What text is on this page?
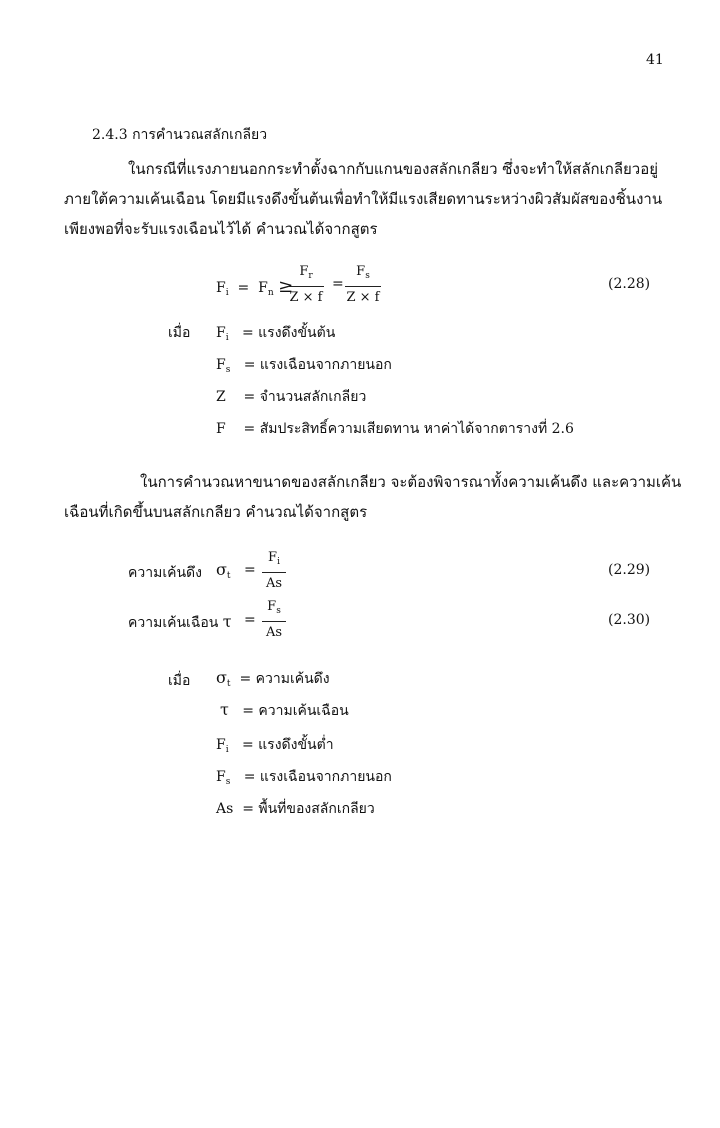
41
2.4.3 การคำนวณสลักเกลียว
ในกรณีที่แรงภายนอกกระทำตั้งฉากกับแกนของสลักเกลียว ซึ่งจะทำให้สลักเกลียวอยู่
ภายใต้ความเค้นเฉือน โดยมีแรงดึงขั้นต้นเพื่อทำให้มีแรงเสียดทานระหว่างผิวสัมผัสของชิ้นงาน
เพียงพอที่จะรับแรงเฉือนไว้ได้ คำนวณได้จากสูตร
$F_i = F_n$ ≥
$F_r$
Z × f
=
$F_s$
Z × f
(2.28)
เมื่อ $F_i$ = แรงดึงขั้นต้น
$F_s$ = แรงเฉือนจากภายนอก
Z = จำนวนสลักเกลียว
F = สัมประสิทธิ์ความเสียดทาน หาค่าได้จากตารางที่ 2.6
ในการคำนวณหาขนาดของสลักเกลียว จะต้องพิจารณาทั้งความเค้นดึง และความเค้น
เฉือนที่เกิดขึ้นบนสลักเกลียว คำนวณได้จากสูตร
ความเค้นดึง $\sigma_t$ =
$F_i$
As
(2.29)
ความเค้นเฉือน τ =
$F_s$
As
(2.30)
เมื่อ $\sigma_t$ = ความเค้นดึง
τ = ความเค้นเฉือน
$F_i$ = แรงดึงขั้นต่ำ
$F_s$ = แรงเฉือนจากภายนอก
As = พื้นที่ของสลักเกลียว
